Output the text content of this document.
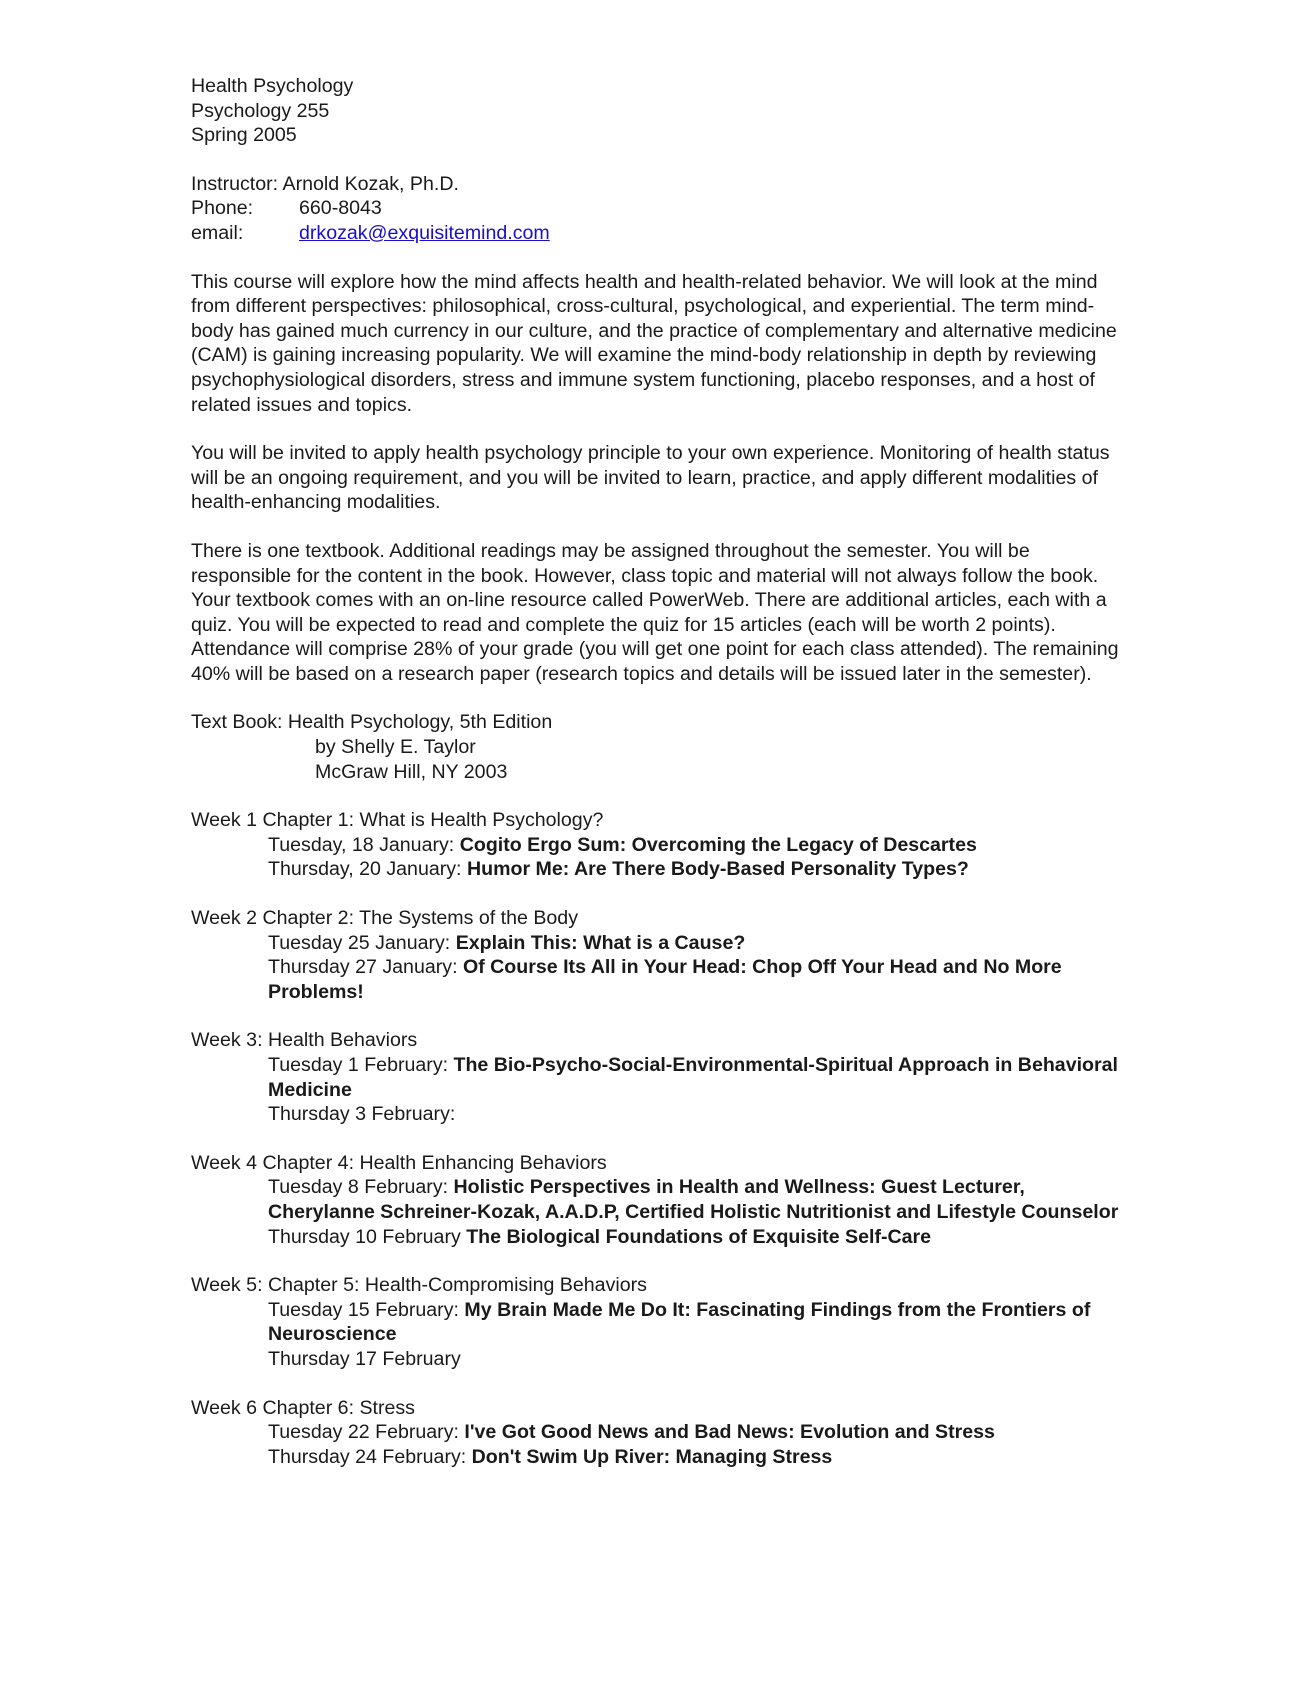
Health Psychology
Psychology 255
Spring 2005
Instructor: Arnold Kozak, Ph.D.
Phone: 660-8043
email:	drkozak@exquisitemind.com

This course will explore how the mind affects health and health-related behavior. We will look at the mind from different perspectives: philosophical, cross-cultural, psychological, and experiential. The term mind-body has gained much currency in our culture, and the practice of complementary and alternative medicine (CAM) is gaining increasing popularity. We will examine the mind-body relationship in depth by reviewing psychophysiological disorders, stress and immune system functioning, placebo responses, and a host of related issues and topics.

You will be invited to apply health psychology principle to your own experience. Monitoring of health status will be an ongoing requirement, and you will be invited to learn, practice, and apply different modalities of health-enhancing modalities.

There is one textbook. Additional readings may be assigned throughout the semester. You will be responsible for the content in the book. However, class topic and material will not always follow the book. Your textbook comes with an on-line resource called PowerWeb. There are additional articles, each with a quiz. You will be expected to read and complete the quiz for 15 articles (each will be worth 2 points). Attendance will comprise 28% of your grade (you will get one point for each class attended). The remaining 40% will be based on a research paper (research topics and details will be issued later in the semester).

Text Book: Health Psychology, 5th Edition
by Shelly E. Taylor
McGraw Hill, NY 2003
Week 1 Chapter 1: What is Health Psychology?
Tuesday, 18 January: Cogito Ergo Sum: Overcoming the Legacy of Descartes
Thursday, 20 January: Humor Me: Are There Body-Based Personality Types?
Week 2 Chapter 2: The Systems of the Body
Tuesday 25 January: Explain This: What is a Cause?
Thursday 27 January: Of Course Its All in Your Head: Chop Off Your Head and No More Problems!
Week 3: Health Behaviors
Tuesday 1 February: The Bio-Psycho-Social-Environmental-Spiritual Approach in Behavioral Medicine
Thursday 3 February:
Week 4 Chapter 4: Health Enhancing Behaviors
Tuesday 8 February: Holistic Perspectives in Health and Wellness: Guest Lecturer, Cherylanne Schreiner-Kozak, A.A.D.P, Certified Holistic Nutritionist and Lifestyle Counselor
Thursday 10 February The Biological Foundations of Exquisite Self-Care
Week 5: Chapter 5: Health-Compromising Behaviors
Tuesday 15 February: My Brain Made Me Do It: Fascinating Findings from the Frontiers of Neuroscience
Thursday 17 February
Week 6 Chapter 6: Stress
Tuesday 22 February: I've Got Good News and Bad News: Evolution and Stress
Thursday 24 February: Don't Swim Up River: Managing Stress
